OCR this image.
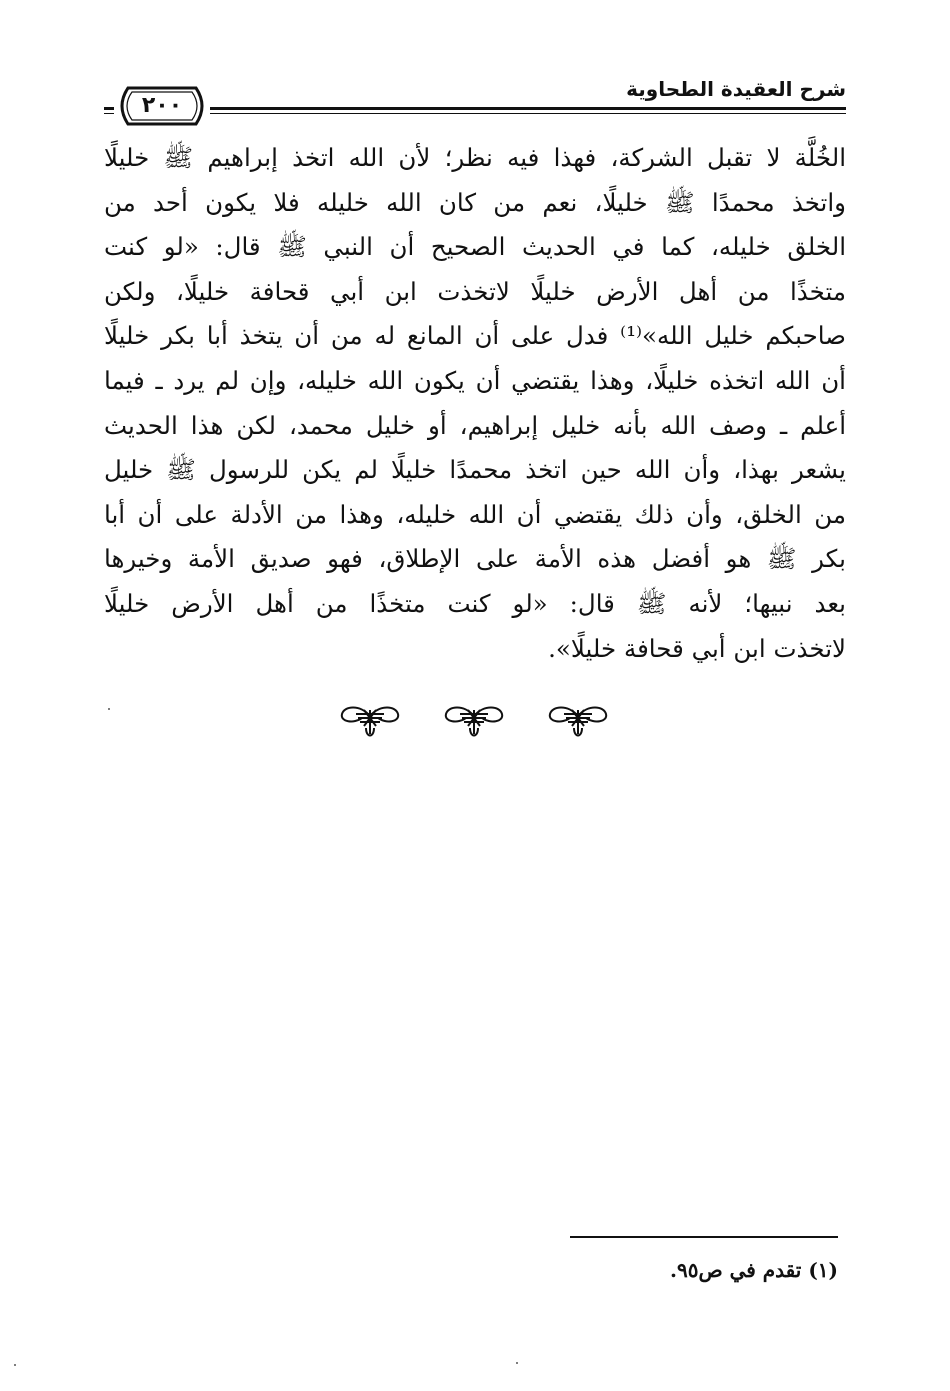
شرح العقيدة الطحاوية
٢٠٠
الخُلَّة لا تقبل الشركة، فهذا فيه نظر؛ لأن الله اتخذ إبراهيم ﷺ خليلًا
واتخذ محمدًا ﷺ خليلًا، نعم من كان الله خليله فلا يكون أحد من
الخلق خليله، كما في الحديث الصحيح أن النبي ﷺ قال: «لو كنت
متخذًا من أهل الأرض خليلًا لاتخذت ابن أبي قحافة خليلًا، ولكن
صاحبكم خليل الله»⁽¹⁾ فدل على أن المانع له من أن يتخذ أبا بكر خليلًا
أن الله اتخذه خليلًا، وهذا يقتضي أن يكون الله خليله، وإن لم يرد ـ فيما
أعلم ـ وصف الله بأنه خليل إبراهيم، أو خليل محمد، لكن هذا الحديث
يشعر بهذا، وأن الله حين اتخذ محمدًا خليلًا لم يكن للرسول ﷺ خليل
من الخلق، وأن ذلك يقتضي أن الله خليله، وهذا من الأدلة على أن أبا
بكر ﷺ هو أفضل هذه الأمة على الإطلاق، فهو صديق الأمة وخيرها
بعد نبيها؛ لأنه ﷺ قال: «لو كنت متخذًا من أهل الأرض خليلًا
لاتخذت ابن أبي قحافة خليلًا».
(١) تقدم في ص٩٥.
